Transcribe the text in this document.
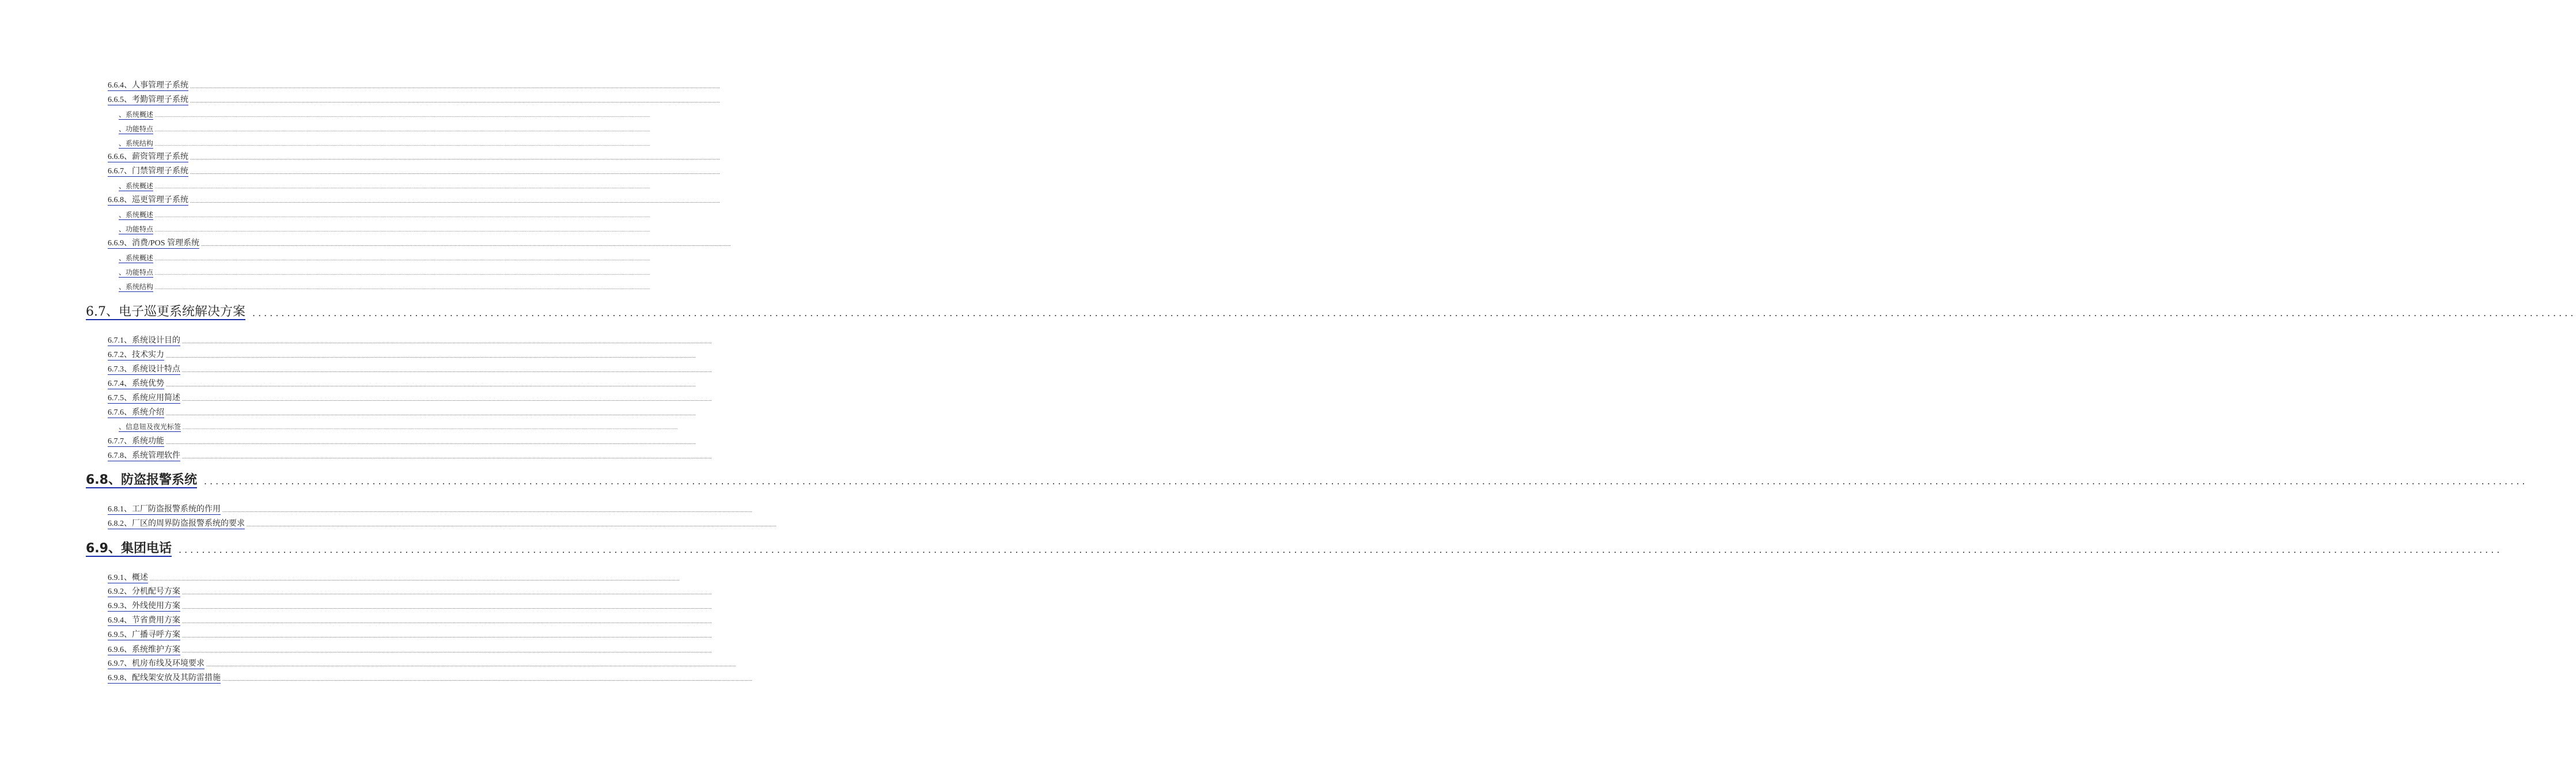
6.6.4、人事管理子系统 ................................................................................................................................................................................................................................................................................................................................................................................................................
6.6.5、考勤管理子系统 ................................................................................................................................................................................................................................................................................................................................................................................................................
、系统概述 ................................................................................................................................................................................................................................................................................................................................................................................................................
、功能特点 ................................................................................................................................................................................................................................................................................................................................................................................................................
、系统结构 ................................................................................................................................................................................................................................................................................................................................................................................................................
6.6.6、薪资管理子系统 ................................................................................................................................................................................................................................................................................................................................................................................................................
6.6.7、门禁管理子系统 ................................................................................................................................................................................................................................................................................................................................................................................................................
、系统概述 ................................................................................................................................................................................................................................................................................................................................................................................................................
6.6.8、巡更管理子系统 ................................................................................................................................................................................................................................................................................................................................................................................................................
、系统概述 ................................................................................................................................................................................................................................................................................................................................................................................................................
、功能特点 ................................................................................................................................................................................................................................................................................................................................................................................................................
6.6.9、消费/POS 管理系统 ................................................................................................................................................................................................................................................................................................................................................................................................................
、系统概述 ................................................................................................................................................................................................................................................................................................................................................................................................................
、功能特点 ................................................................................................................................................................................................................................................................................................................................................................................................................
、系统结构 ................................................................................................................................................................................................................................................................................................................................................................................................................
6.7、电子巡更系统解决方案 ................................................................................................................................................................................................................................................................................................................................................................................................................
6.7.1、系统设计目的 ................................................................................................................................................................................................................................................................................................................................................................................................................
6.7.2、技术实力 ................................................................................................................................................................................................................................................................................................................................................................................................................
6.7.3、系统设计特点 ................................................................................................................................................................................................................................................................................................................................................................................................................
6.7.4、系统优势 ................................................................................................................................................................................................................................................................................................................................................................................................................
6.7.5、系统应用简述 ................................................................................................................................................................................................................................................................................................................................................................................................................
6.7.6、系统介绍 ................................................................................................................................................................................................................................................................................................................................................................................................................
、信息钮及夜光标签 ................................................................................................................................................................................................................................................................................................................................................................................................................
6.7.7、系统功能 ................................................................................................................................................................................................................................................................................................................................................................................................................
6.7.8、系统管理软件 ................................................................................................................................................................................................................................................................................................................................................................................................................
6.8、防盗报警系统 ................................................................................................................................................................................................................................................................................................................................................................................................................
6.8.1、工厂防盗报警系统的作用 ................................................................................................................................................................................................................................................................................................................................................................................................................
6.8.2、厂区的周界防盗报警系统的要求 ................................................................................................................................................................................................................................................................................................................................................................................................................
6.9、集团电话 ................................................................................................................................................................................................................................................................................................................................................................................................................
6.9.1、概述 ................................................................................................................................................................................................................................................................................................................................................................................................................
6.9.2、分机配号方案 ................................................................................................................................................................................................................................................................................................................................................................................................................
6.9.3、外线使用方案 ................................................................................................................................................................................................................................................................................................................................................................................................................
6.9.4、节省费用方案 ................................................................................................................................................................................................................................................................................................................................................................................................................
6.9.5、广播寻呼方案 ................................................................................................................................................................................................................................................................................................................................................................................................................
6.9.6、系统维护方案 ................................................................................................................................................................................................................................................................................................................................................................................................................
6.9.7、机房布线及环境要求 ................................................................................................................................................................................................................................................................................................................................................................................................................
6.9.8、配线架安放及其防雷措施 ................................................................................................................................................................................................................................................................................................................................................................................................................
